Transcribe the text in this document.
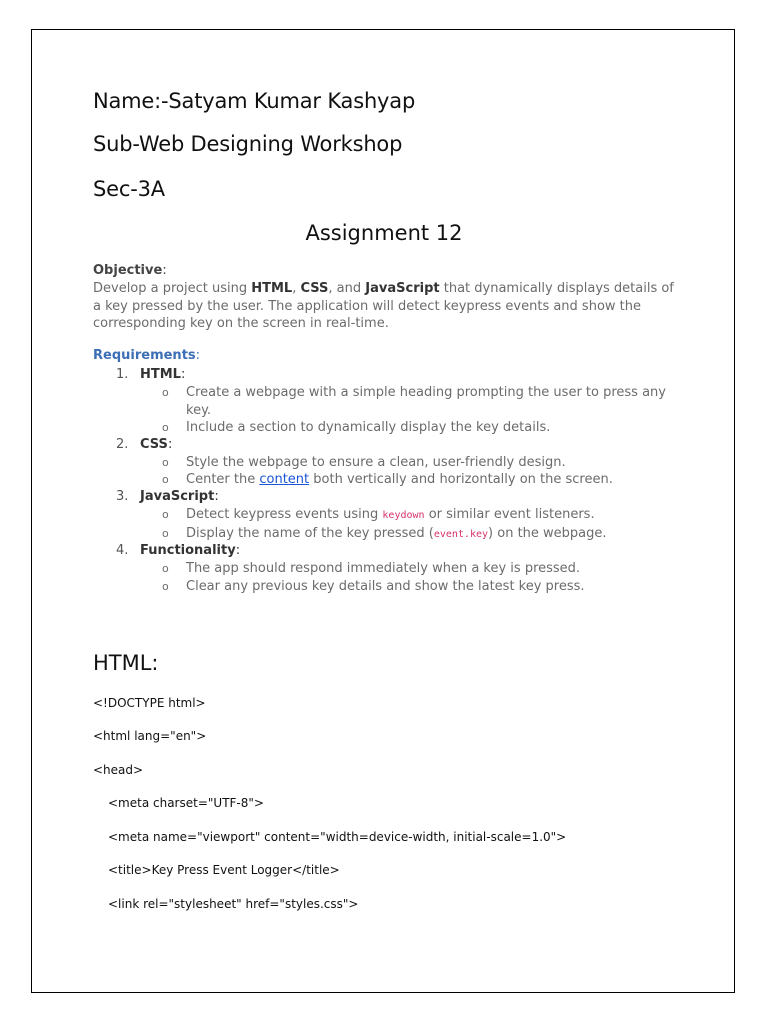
Name:-Satyam Kumar Kashyap
Sub-Web Designing Workshop
Sec-3A
Assignment 12
Objective:
Develop a project using HTML, CSS, and JavaScript that dynamically displays details of a key pressed by the user. The application will detect keypress events and show the corresponding key on the screen in real-time.
Requirements:
1. HTML:
o Create a webpage with a simple heading prompting the user to press any key.
o Include a section to dynamically display the key details.
2. CSS:
o Style the webpage to ensure a clean, user-friendly design.
o Center the content both vertically and horizontally on the screen.
3. JavaScript:
o Detect keypress events using keydown or similar event listeners.
o Display the name of the key pressed (event.key) on the webpage.
4. Functionality:
o The app should respond immediately when a key is pressed.
o Clear any previous key details and show the latest key press.
HTML:
<!DOCTYPE html>
<html lang="en">
<head>
<meta charset="UTF-8">
<meta name="viewport" content="width=device-width, initial-scale=1.0">
<title>Key Press Event Logger</title>
<link rel="stylesheet" href="styles.css">
